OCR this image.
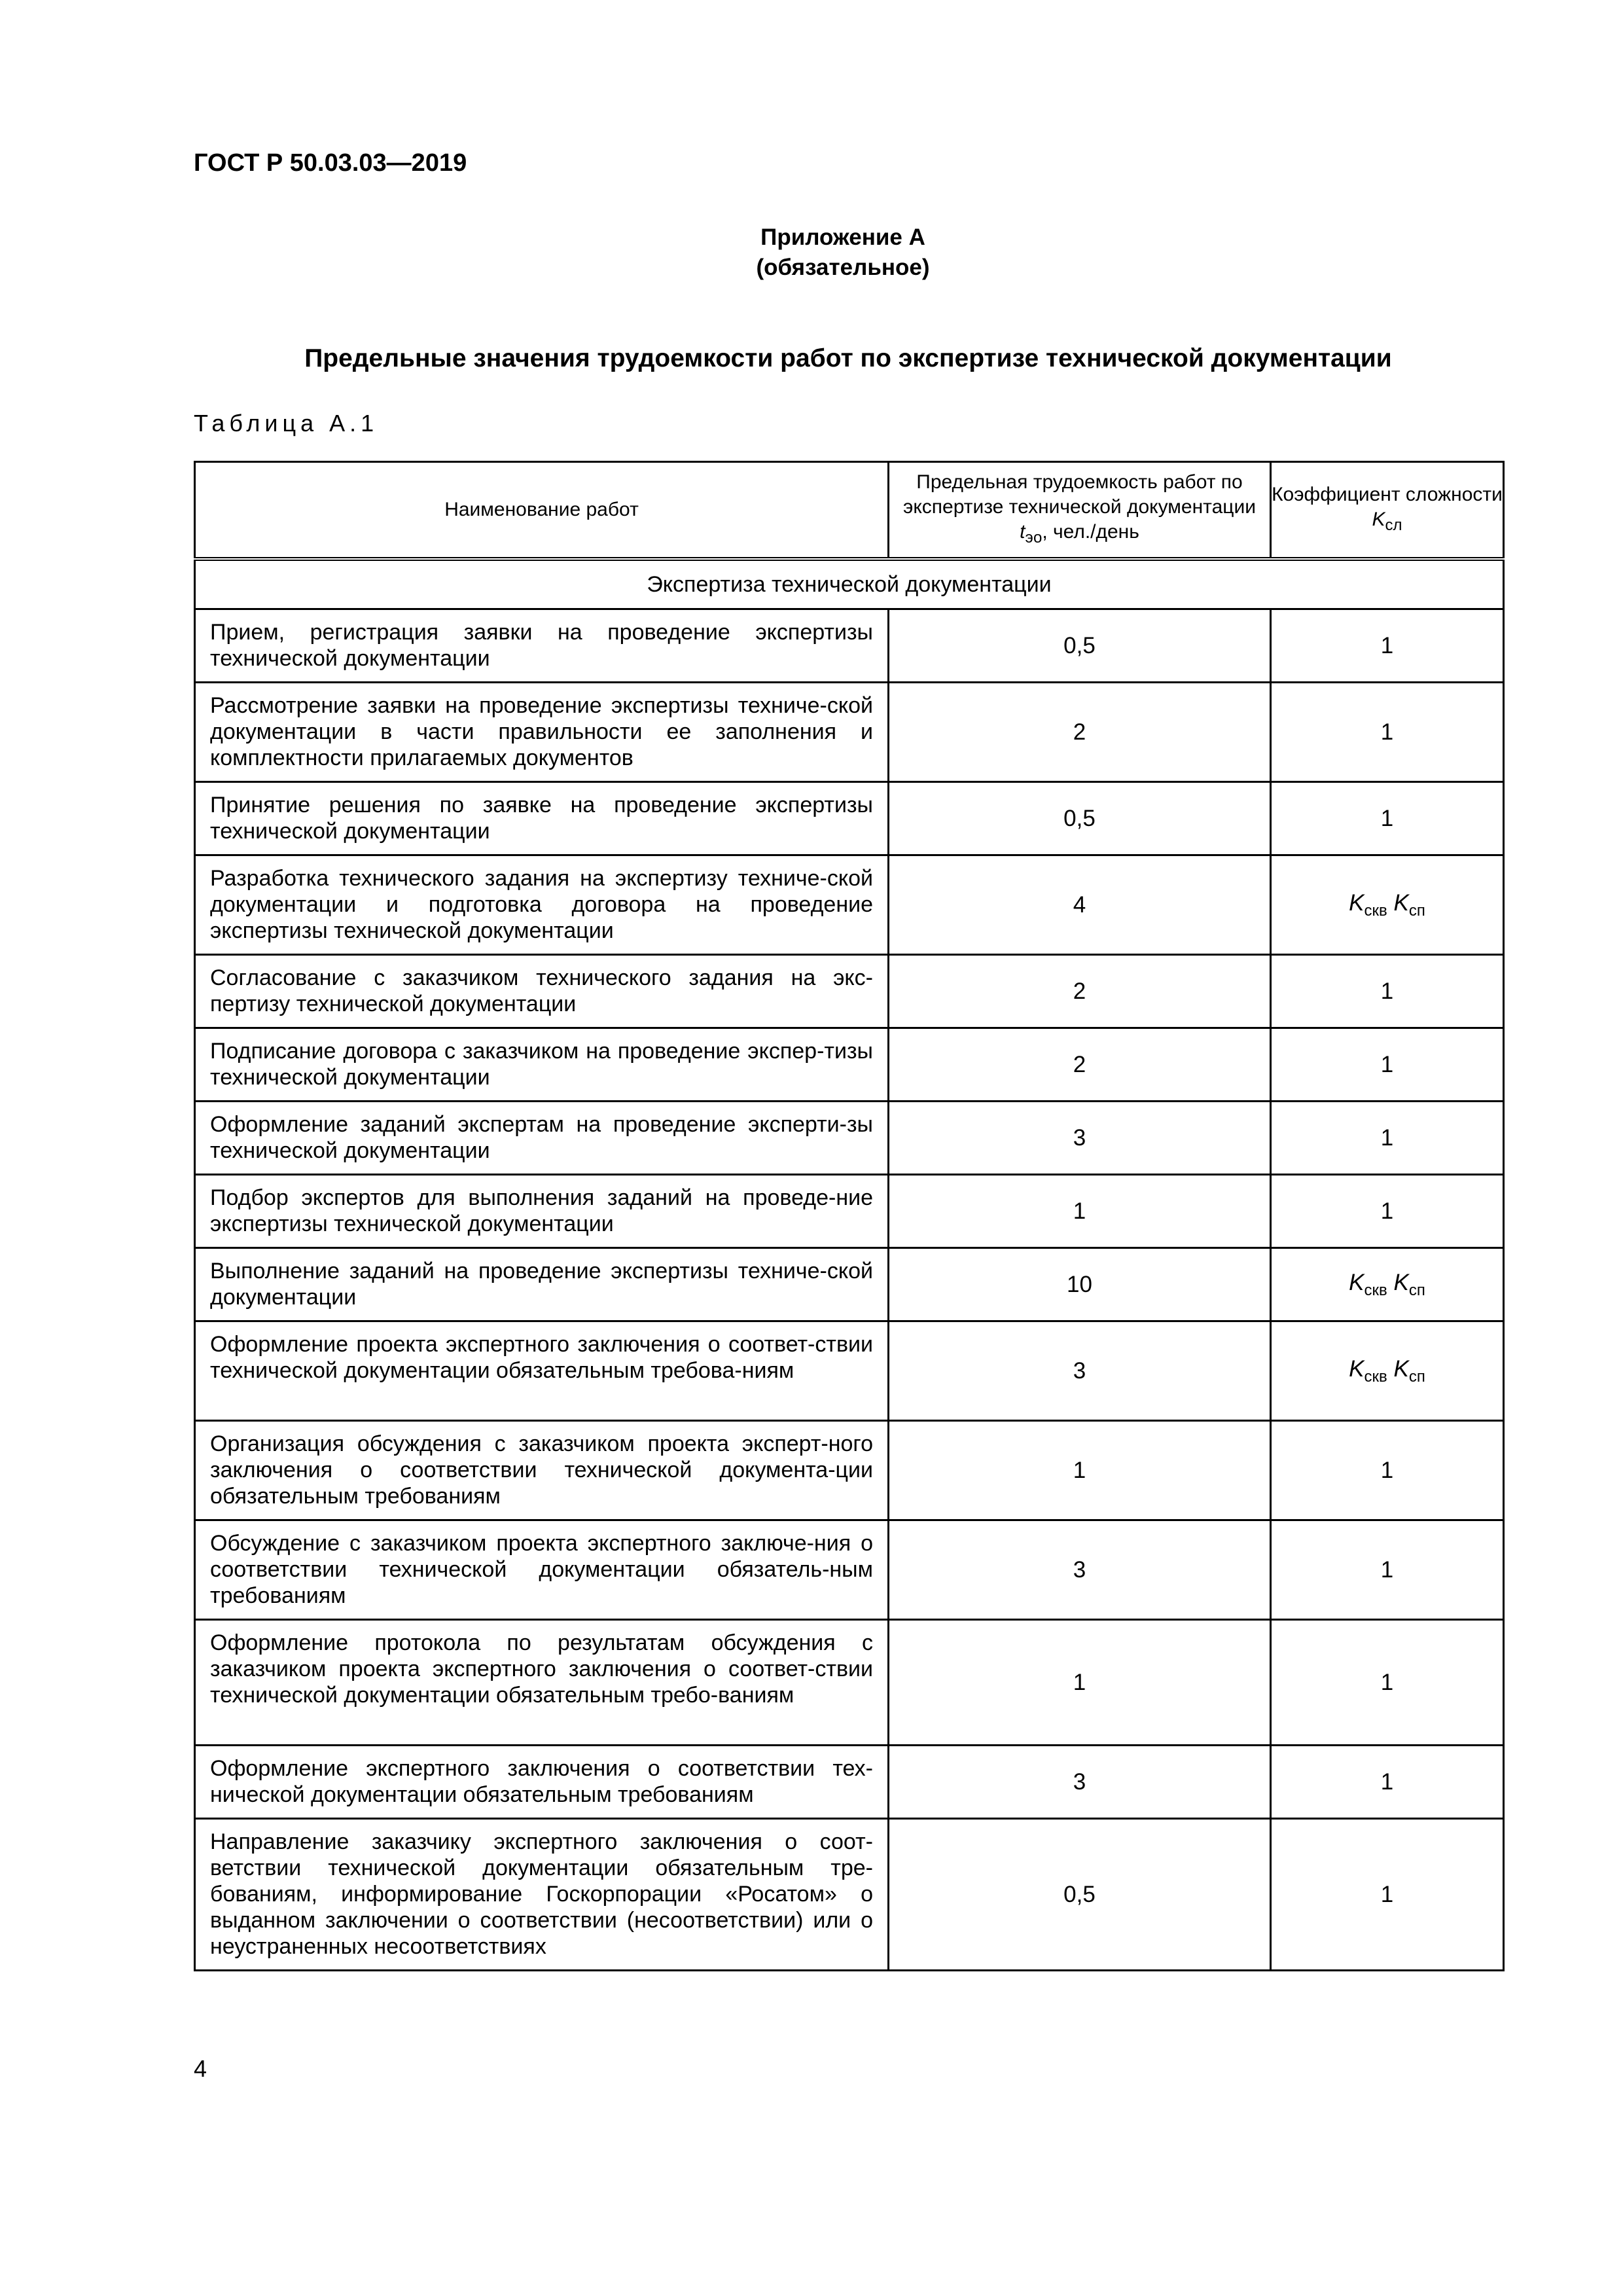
ГОСТ Р 50.03.03—2019
Приложение А
(обязательное)
Предельные значения трудоемкости работ по экспертизе технической документации
Таблица А.1
Наименование работ	Предельная трудоемкость работ по экспертизе технической документации $t_{эо}$, чел./день	Коэффициент сложности $K_{сл}$
Экспертиза технической документации		
Прием, регистрация заявки на проведение экспертизы технической документации	0,5	1
Рассмотрение заявки на проведение экспертизы техниче-ской документации в части правильности ее заполнения и комплектности прилагаемых документов	2	1
Принятие решения по заявке на проведение экспертизы технической документации	0,5	1
Разработка технического задания на экспертизу техниче-ской документации и подготовка договора на проведение экспертизы технической документации	4	$K_{скв}$ $K_{сп}$
Согласование с заказчиком технического задания на экс-пертизу технической документации	2	1
Подписание договора с заказчиком на проведение экспер-тизы технической документации	2	1
Оформление заданий экспертам на проведение эксперти-зы технической документации	3	1
Подбор экспертов для выполнения заданий на проведе-ние экспертизы технической документации	1	1
Выполнение заданий на проведение экспертизы техниче-ской документации	10	$K_{скв}$ $K_{сп}$
Оформление проекта экспертного заключения о соответ-ствии технической документации обязательным требова-ниям	3	$K_{скв}$ $K_{сп}$
Организация обсуждения с заказчиком проекта эксперт-ного заключения о соответствии технической документа-ции обязательным требованиям	1	1
Обсуждение с заказчиком проекта экспертного заключе-ния о соответствии технической документации обязатель-ным требованиям	3	1
Оформление протокола по результатам обсуждения с заказчиком проекта экспертного заключения о соответ-ствии технической документации обязательным требо-ваниям	1	1
Оформление экспертного заключения о соответствии тех-нической документации обязательным требованиям	3	1
Направление заказчику экспертного заключения о соот-ветствии технической документации обязательным тре-бованиям, информирование Госкорпорации «Росатом» о выданном заключении о соответствии (несоответствии) или о неустраненных несоответствиях	0,5	1
4
